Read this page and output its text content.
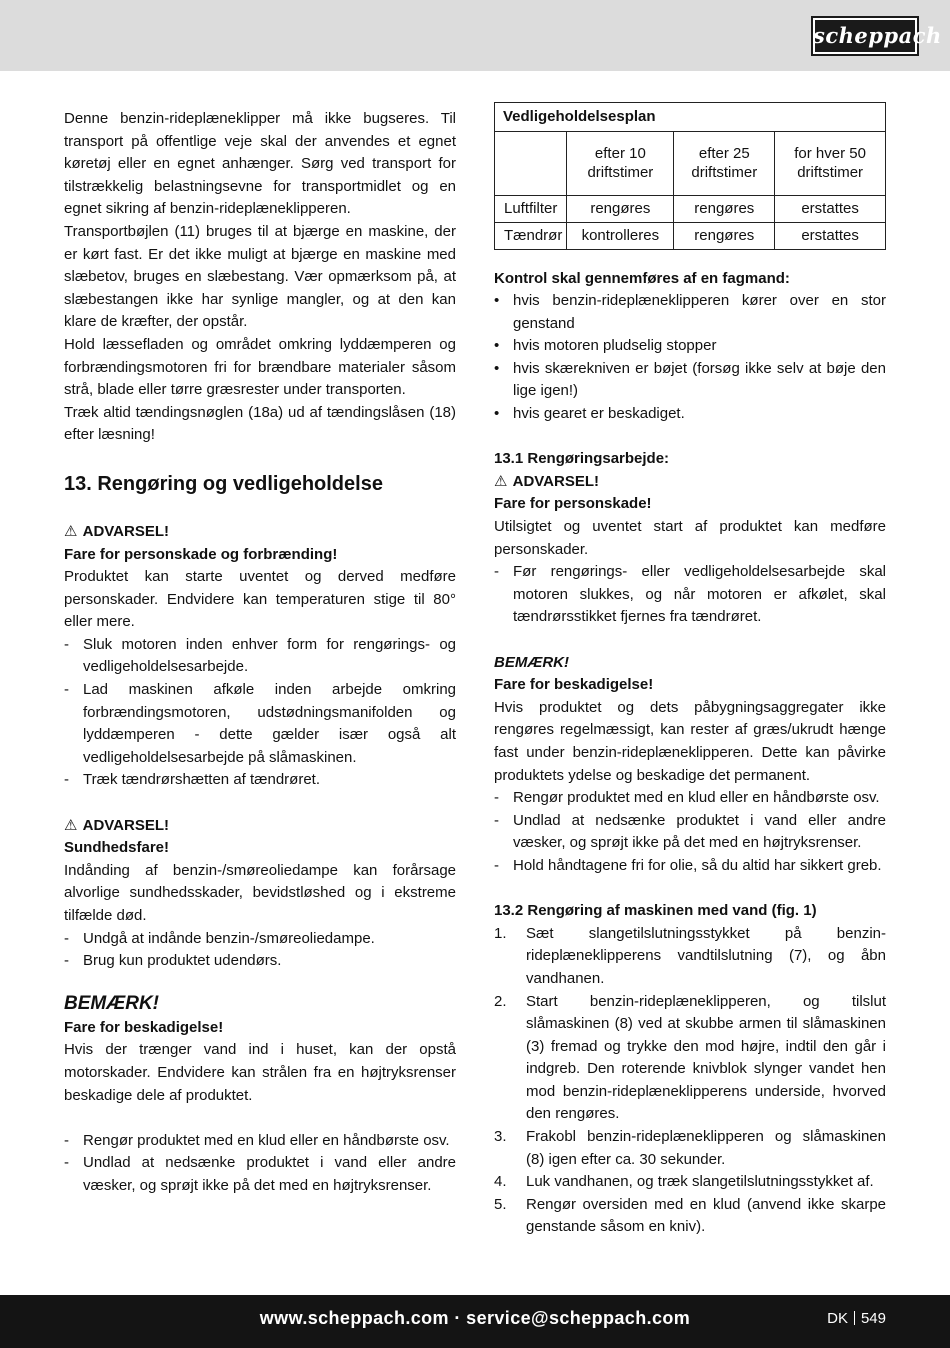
scheppach

Denne benzin-rideplæneklipper må ikke bugseres. Til transport på offentlige veje skal der anvendes et egnet køretøj eller en egnet anhænger. Sørg ved transport for tilstrækkelig belastningsevne for transportmidlet og en egnet sikring af benzin-rideplæneklipperen.

Transportbøjlen (11) bruges til at bjærge en maskine, der er kørt fast. Er det ikke muligt at bjærge en maskine med slæbetov, bruges en slæbestang. Vær opmærksom på, at slæbestangen ikke har synlige mangler, og at den kan klare de kræfter, der opstår.

Hold læssefladen og området omkring lyddæmperen og forbrændingsmotoren fri for brændbare materialer såsom strå, blade eller tørre græsrester under transporten.

Træk altid tændingsnøglen (18a) ud af tændingslåsen (18) efter læsning!

13. Rengøring og vedligeholdelse
⚠ ADVARSEL!
Fare for personskade og forbrænding!

Produktet kan starte uventet og derved medføre personskader. Endvidere kan temperaturen stige til 80° eller mere.

- Sluk motoren inden enhver form for rengørings- og vedligeholdelsesarbejde.
- Lad maskinen afkøle inden arbejde omkring forbrændingsmotoren, udstødningsmanifolden og lyddæmperen - dette gælder især også alt vedligeholdelsesarbejde på slåmaskinen.
- Træk tændrørshætten af tændrøret.
⚠ ADVARSEL!
Sundhedsfare!

Indånding af benzin-/smøreoliedampe kan forårsage alvorlige sundhedsskader, bevidstløshed og i ekstreme tilfælde død.

- Undgå at indånde benzin-/smøreoliedampe.
- Brug kun produktet udendørs.
BEMÆRK!
Fare for beskadigelse!

Hvis der trænger vand ind i huset, kan der opstå motorskader. Endvidere kan strålen fra en højtryksrenser beskadige dele af produktet.

- Rengør produktet med en klud eller en håndbørste osv.
- Undlad at nedsænke produktet i vand eller andre væsker, og sprøjt ikke på det med en højtryksrenser.
Vedligeholdelsesplan			
	efter 10 driftstimer	efter 25 driftstimer	for hver 50 driftstimer
Luftfilter	rengøres	rengøres	erstattes
Tændrør	kontrolleres	rengøres	erstattes
Kontrol skal gennemføres af en fagmand:
• hvis benzin-rideplæneklipperen kører over en stor genstand
• hvis motoren pludselig stopper
• hvis skærekniven er bøjet (forsøg ikke selv at bøje den lige igen!)
• hvis gearet er beskadiget.
13.1 Rengøringsarbejde:
⚠ ADVARSEL!
Fare for personskade!

Utilsigtet og uventet start af produktet kan medføre personskader.

- Før rengørings- eller vedligeholdelsesarbejde skal motoren slukkes, og når motoren er afkølet, skal tændrørsstikket fjernes fra tændrøret.
BEMÆRK!
Fare for beskadigelse!

Hvis produktet og dets påbygningsaggregater ikke rengøres regelmæssigt, kan rester af græs/ukrudt hænge fast under benzin-rideplæneklipperen. Dette kan påvirke produktets ydelse og beskadige det permanent.

- Rengør produktet med en klud eller en håndbørste osv.
- Undlad at nedsænke produktet i vand eller andre væsker, og sprøjt ikke på det med en højtryksrenser.
- Hold håndtagene fri for olie, så du altid har sikkert greb.
13.2 Rengøring af maskinen med vand (fig. 1)
1. Sæt slangetilslutningsstykket på benzin-rideplæneklipperens vandtilslutning (7), og åbn vandhanen.
2. Start benzin-rideplæneklipperen, og tilslut slåmaskinen (8) ved at skubbe armen til slåmaskinen (3) fremad og trykke den mod højre, indtil den går i indgreb. Den roterende knivblok slynger vandet hen mod benzin-rideplæneklipperens underside, hvorved den rengøres.
3. Frakobl benzin-rideplæneklipperen og slåmaskinen (8) igen efter ca. 30 sekunder.
4. Luk vandhanen, og træk slangetilslutningsstykket af.
5. Rengør oversiden med en klud (anvend ikke skarpe genstande såsom en kniv).
www.scheppach.com · service@scheppach.com	DK 549
